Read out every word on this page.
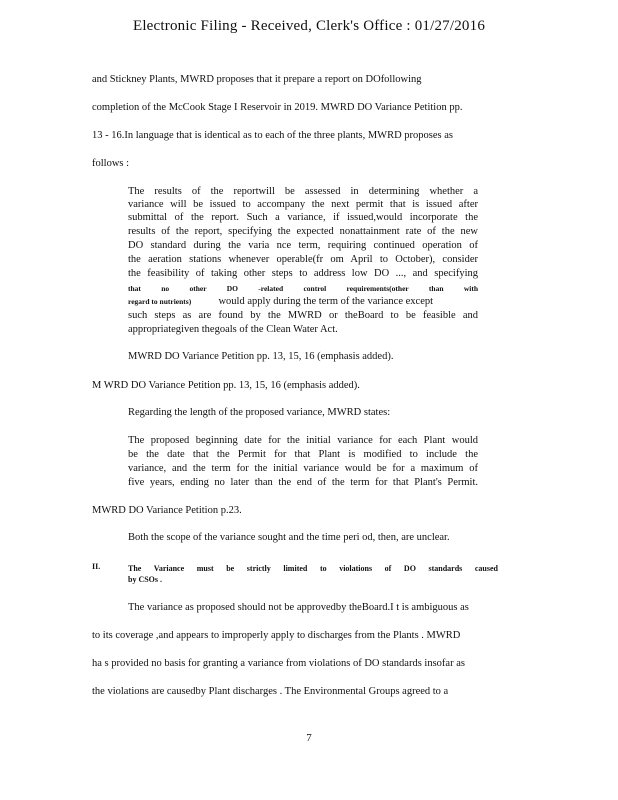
Electronic Filing - Received, Clerk's Office : 01/27/2016
and Stickney Plants, MWRD proposes that it prepare a report on DOfollowing
completion of the McCook Stage I Reservoir in 2019. MWRD DO Variance Petition pp.
13 - 16.In language that is identical as to each of the three plants, MWRD proposes as
follows :
The results of the reportwill be assessed in determining whether a
variance will be issued to accompany the next permit that is issued after
submittal of the report. Such a variance, if issued,would incorporate the
results of the report, specifying the expected nonattainment rate of the new
DO standard during the varia nce term, requiring continued operation of
the aeration stations whenever operable(fr om April to October), consider
the feasibility of taking other steps to address low DO ..., and specifying
that no other DO -related control requirements(other than with
regard to nutrients)	would apply during the term of the variance except
such steps as are found by the MWRD or theBoard to be feasible and
appropriategiven thegoals of the Clean Water Act.
MWRD DO Variance Petition pp. 13, 15, 16 (emphasis added).
M WRD DO Variance Petition pp. 13, 15, 16 (emphasis added).
Regarding the length of the proposed variance, MWRD states:
The proposed beginning date for the initial variance for each Plant would
be the date that the Permit for that Plant is modified to include the
variance, and the term for the initial variance would be for a maximum of
five years, ending no later than the end of the term for that Plant's Permit.
MWRD DO Variance Petition p.23.
Both the scope of the variance sought and the time peri od, then, are unclear.
II.	The Variance must be strictly limited to violations of DO standards caused
by CSOs .
The variance as proposed should not be approvedby theBoard.I t is ambiguous as
to its coverage ,and appears to improperly apply to discharges from the Plants . MWRD
ha s provided no basis for granting a variance from violations of DO standards insofar as
the violations are causedby Plant discharges . The Environmental Groups agreed to a
7
